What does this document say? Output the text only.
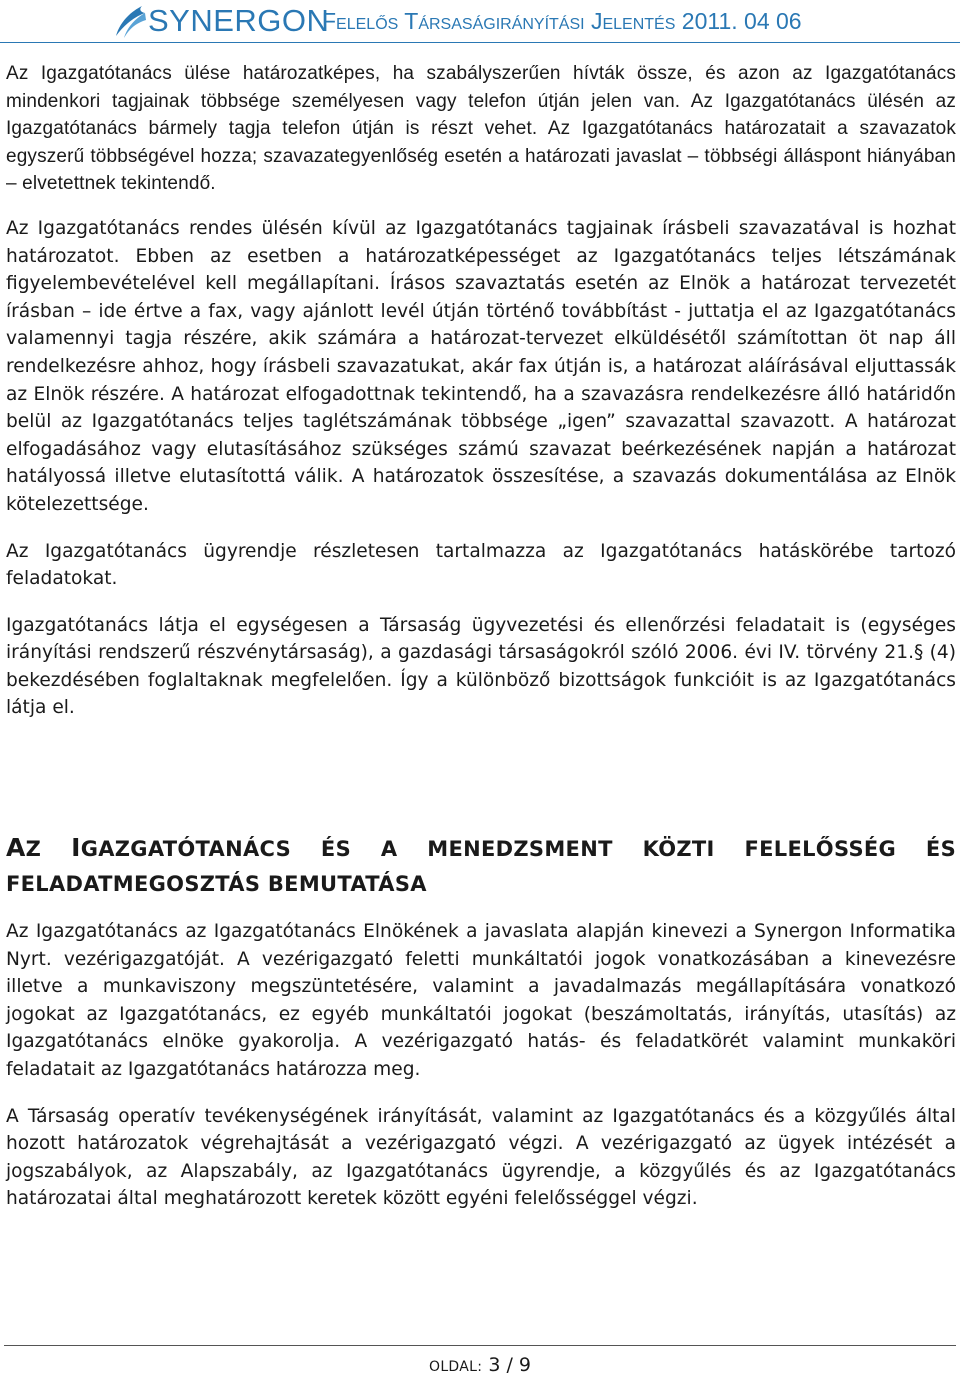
SYNERGON
Felelős Társaságirányítási Jelentés 2011. 04 06

Az Igazgatótanács ülése határozatképes, ha szabályszerűen hívták össze, és azon az Igazgatótanács mindenkori tagjainak többsége személyesen vagy telefon útján jelen van. Az Igazgatótanács ülésén az Igazgatótanács bármely tagja telefon útján is részt vehet. Az Igazgatótanács határozatait a szavazatok egyszerű többségével hozza; szavazategyenlőség esetén a határozati javaslat – többségi álláspont hiányában – elvetettnek tekintendő.

Az Igazgatótanács rendes ülésén kívül az Igazgatótanács tagjainak írásbeli szavazatával is hozhat határozatot. Ebben az esetben a határozatképességet az Igazgatótanács teljes létszámának figyelembevételével kell megállapítani. Írásos szavaztatás esetén az Elnök a határozat tervezetét írásban – ide értve a fax, vagy ajánlott levél útján történő továbbítást - juttatja el az Igazgatótanács valamennyi tagja részére, akik számára a határozat-tervezet elküldésétől számítottan öt nap áll rendelkezésre ahhoz, hogy írásbeli szavazatukat, akár fax útján is, a határozat aláírásával eljuttassák az Elnök részére. A határozat elfogadottnak tekintendő, ha a szavazásra rendelkezésre álló határidőn belül az Igazgatótanács teljes taglétszámának többsége „igen” szavazattal szavazott. A határozat elfogadásához vagy elutasításához szükséges számú szavazat beérkezésének napján a határozat hatályossá illetve elutasítottá válik. A határozatok összesítése, a szavazás dokumentálása az Elnök kötelezettsége.

Az Igazgatótanács ügyrendje részletesen tartalmazza az Igazgatótanács hatáskörébe tartozó feladatokat.

Igazgatótanács látja el egységesen a Társaság ügyvezetési és ellenőrzési feladatait is (egységes irányítási rendszerű részvénytársaság), a gazdasági társaságokról szóló 2006. évi IV. törvény 21.§ (4) bekezdésében foglaltaknak megfelelően. Így a különböző bizottságok funkcióit is az Igazgatótanács látja el.

AZ IGAZGATÓTANÁCS ÉS A MENEDZSMENT KÖZTI FELELŐSSÉG ÉS FELADATMEGOSZTÁS BEMUTATÁSA

Az Igazgatótanács az Igazgatótanács Elnökének a javaslata alapján kinevezi a Synergon Informatika Nyrt. vezérigazgatóját. A vezérigazgató feletti munkáltatói jogok vonatkozásában a kinevezésre illetve a munkaviszony megszüntetésére, valamint a javadalmazás megállapítására vonatkozó jogokat az Igazgatótanács, ez egyéb munkáltatói jogokat (beszámoltatás, irányítás, utasítás) az Igazgatótanács elnöke gyakorolja. A vezérigazgató hatás- és feladatkörét valamint munkaköri feladatait az Igazgatótanács határozza meg.

A Társaság operatív tevékenységének irányítását, valamint az Igazgatótanács és a közgyűlés által hozott határozatok végrehajtását a vezérigazgató végzi. A vezérigazgató az ügyek intézését a jogszabályok, az Alapszabály, az Igazgatótanács ügyrendje, a közgyűlés és az Igazgatótanács határozatai által meghatározott keretek között egyéni felelősséggel végzi.

OLDAL: 3 / 9
